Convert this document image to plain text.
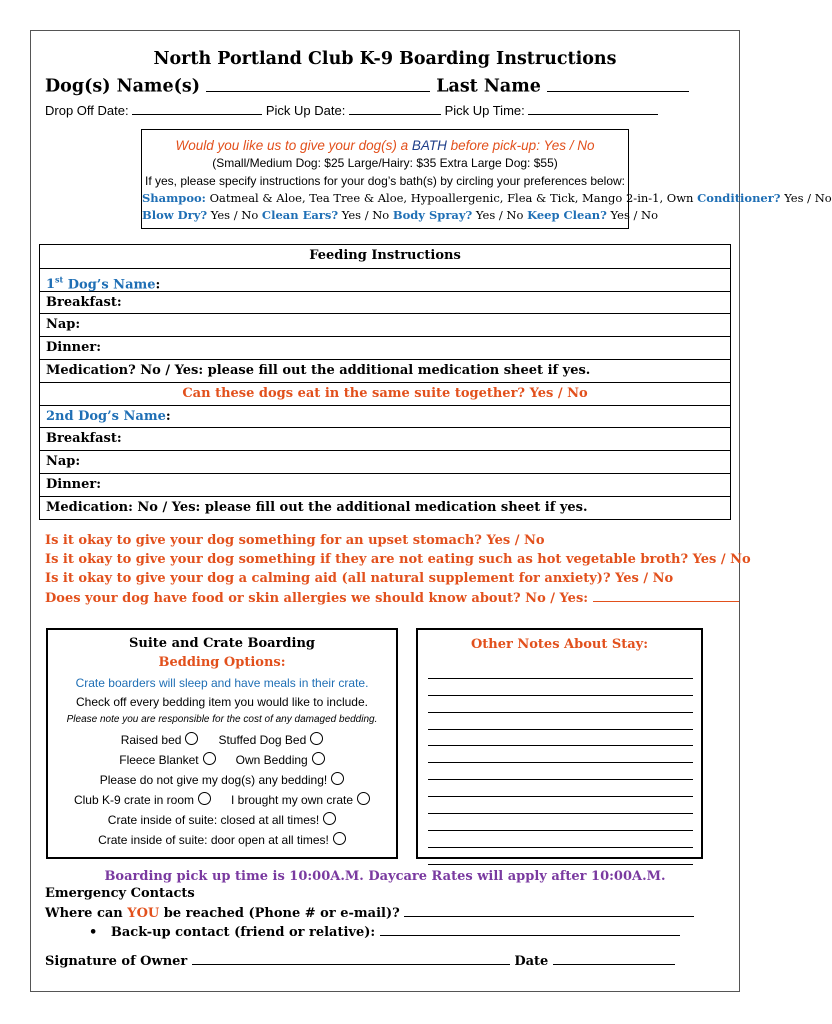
North Portland Club K-9 Boarding Instructions
Dog(s) Name(s)	Last Name
Drop Off Date:	Pick Up Date:	Pick Up Time:
Would you like us to give your dog(s) a BATH before pick-up: Yes / No
(Small/Medium Dog: $25 Large/Hairy: $35 Extra Large Dog: $55)
If yes, please specify instructions for your dog’s bath(s) by circling your preferences below:
Shampoo: Oatmeal & Aloe, Tea Tree & Aloe, Hypoallergenic, Flea & Tick, Mango 2-in-1, Own Conditioner? Yes / No
Blow Dry? Yes / No Clean Ears? Yes / No Body Spray? Yes / No Keep Clean? Yes / No
Feeding Instructions
1st Dog’s Name:
Breakfast:
Nap:
Dinner:
Medication? No / Yes: please fill out the additional medication sheet if yes.
Can these dogs eat in the same suite together? Yes / No
2nd Dog’s Name:
Breakfast:
Nap:
Dinner:
Medication: No / Yes: please fill out the additional medication sheet if yes.
Is it okay to give your dog something for an upset stomach? Yes / No
Is it okay to give your dog something if they are not eating such as hot vegetable broth? Yes / No
Is it okay to give your dog a calming aid (all natural supplement for anxiety)? Yes / No
Does your dog have food or skin allergies we should know about? No / Yes:
Suite and Crate Boarding
Bedding Options:
Crate boarders will sleep and have meals in their crate.
Check off every bedding item you would like to include.
Please note you are responsible for the cost of any damaged bedding.
Raised bed	Stuffed Dog Bed
Fleece Blanket	Own Bedding
Please do not give my dog(s) any bedding!
Club K-9 crate in room	I brought my own crate
Crate inside of suite: closed at all times!
Crate inside of suite: door open at all times!
Other Notes About Stay:
Boarding pick up time is 10:00A.M. Daycare Rates will apply after 10:00A.M.
Emergency Contacts
Where can YOU be reached (Phone # or e-mail)?
• Back-up contact (friend or relative):
Signature of Owner	Date
